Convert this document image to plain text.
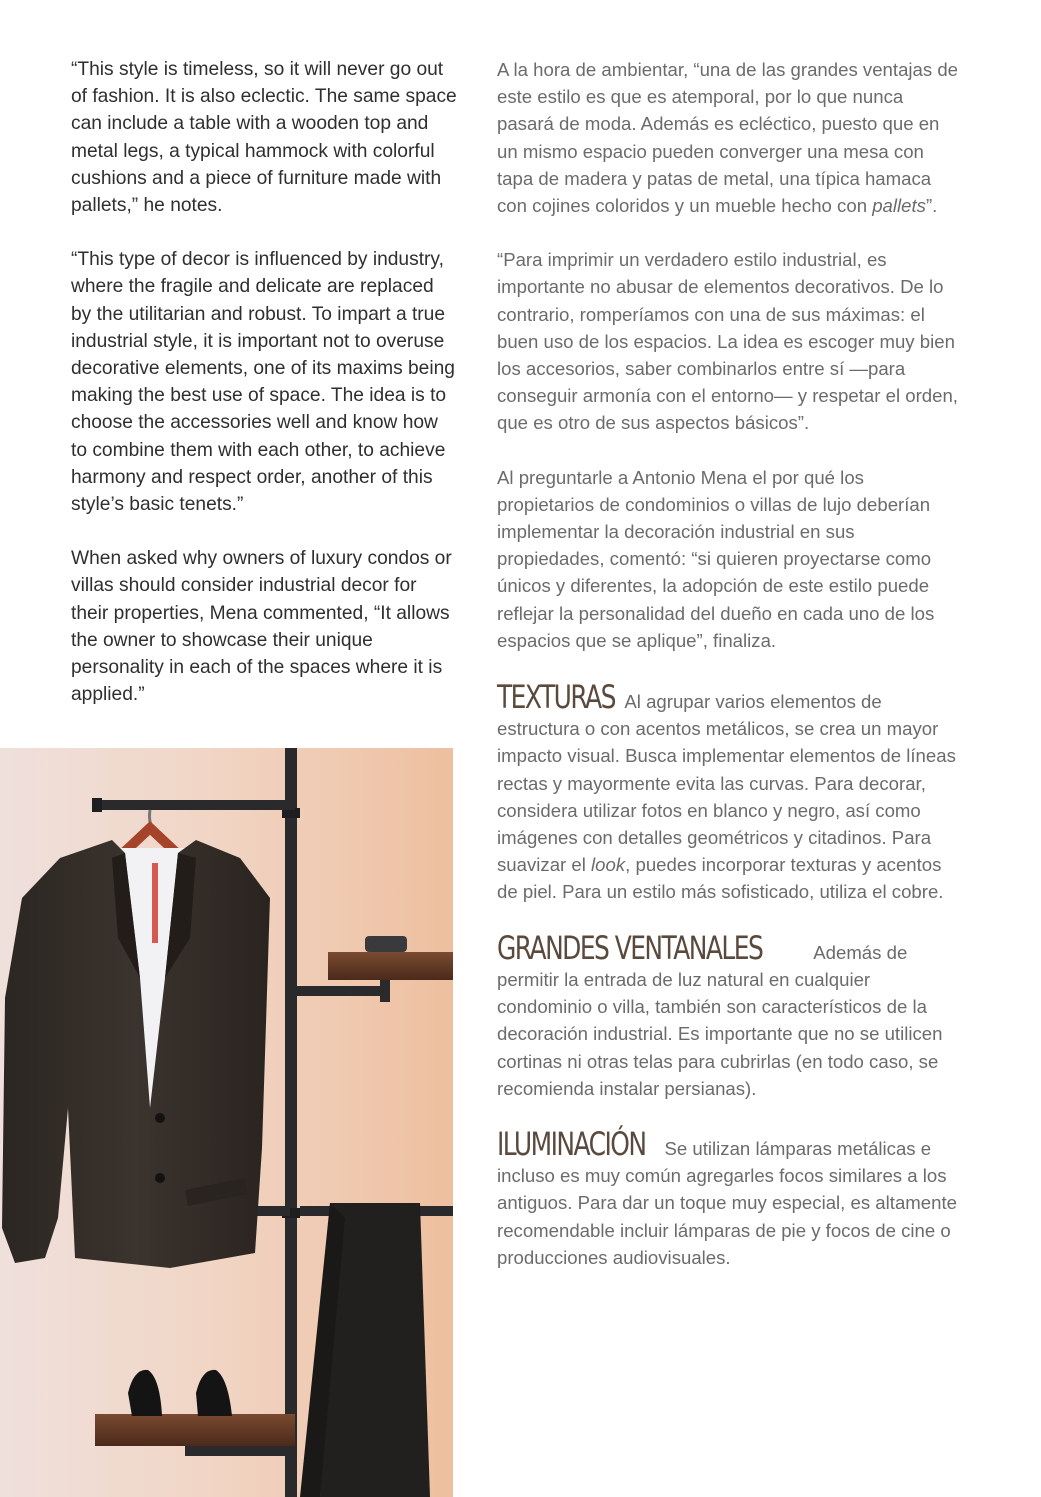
“This style is timeless, so it will never go out of fashion. It is also eclectic. The same space can include a table with a wooden top and metal legs, a typical hammock with colorful cushions and a piece of furniture made with pallets,” he notes.

“This type of decor is influenced by industry, where the fragile and delicate are replaced by the utilitarian and robust. To impart a true industrial style, it is important not to overuse decorative elements, one of its maxims being making the best use of space. The idea is to choose the accessories well and know how to combine them with each other, to achieve harmony and respect order, another of this style’s basic tenets.”

When asked why owners of luxury condos or villas should consider industrial decor for their properties, Mena commented, “It allows the owner to showcase their unique personality in each of the spaces where it is applied.”

A la hora de ambientar, “una de las grandes ventajas de este estilo es que es atemporal, por lo que nunca pasará de moda. Además es ecléctico, puesto que en un mismo espacio pueden converger una mesa con tapa de madera y patas de metal, una típica hamaca con cojines coloridos y un mueble hecho con pallets”.

“Para imprimir un verdadero estilo industrial, es importante no abusar de elementos decorativos. De lo contrario, romperíamos con una de sus máximas: el buen uso de los espacios. La idea es escoger muy bien los accesorios, saber combinarlos entre sí —para conseguir armonía con el entorno— y respetar el orden, que es otro de sus aspectos básicos”.

Al preguntarle a Antonio Mena el por qué los propietarios de condominios o villas de lujo deberían implementar la decoración industrial en sus propiedades, comentó: “si quieren proyectarse como únicos y diferentes, la adopción de este estilo puede reflejar la personalidad del dueño en cada uno de los espacios que se aplique”, finaliza.

TEXTURAS Al agrupar varios elementos de estructura o con acentos metálicos, se crea un mayor impacto visual. Busca implementar elementos de líneas rectas y mayormente evita las curvas. Para decorar, considera utilizar fotos en blanco y negro, así como imágenes con detalles geométricos y citadinos. Para suavizar el look, puedes incorporar texturas y acentos de piel. Para un estilo más sofisticado, utiliza el cobre.
GRANDES VENTANALES	Además de permitir la entrada de luz natural en cualquier condominio o villa, también son característicos de la decoración industrial. Es importante que no se utilicen cortinas ni otras telas para cubrirlas (en todo caso, se recomienda instalar persianas).
ILUMINACIÓN Se utilizan lámparas metálicas e incluso es muy común agregarles focos similares a los antiguos. Para dar un toque muy especial, es altamente recomendable incluir lámparas de pie y focos de cine o producciones audiovisuales.
